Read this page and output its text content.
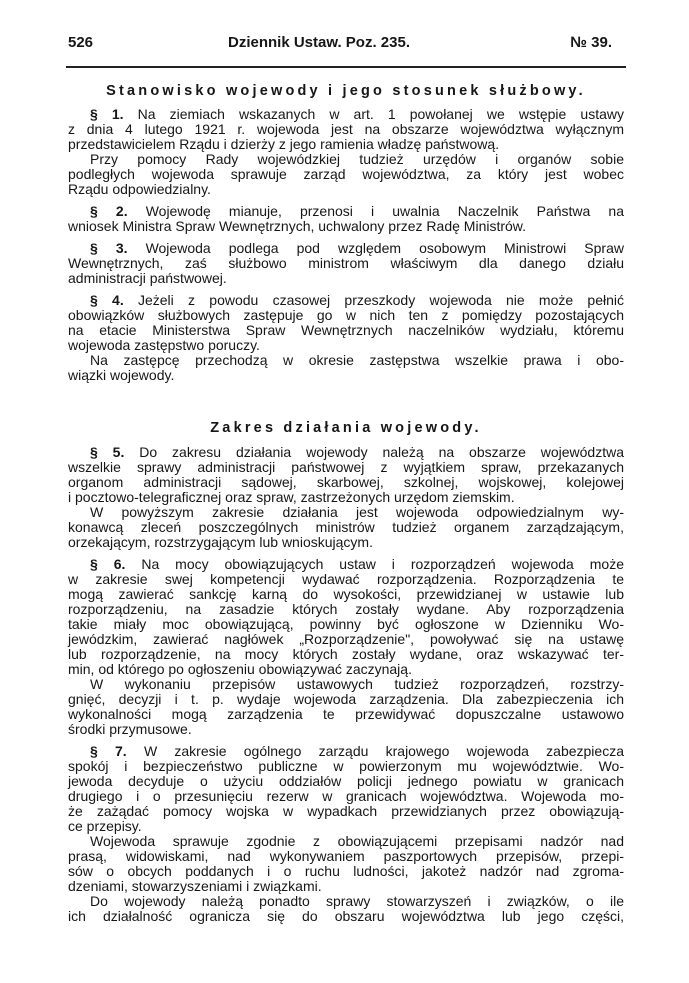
526	Dziennik Ustaw. Poz. 235.	№ 39.
Stanowisko wojewody i jego stosunek służbowy.
§ 1. Na ziemiach wskazanych w art. 1 powołanej we wstępie ustawy
z dnia 4 lutego 1921 r. wojewoda jest na obszarze województwa wyłącznym
przedstawicielem Rządu i dzierży z jego ramienia władzę państwową.
Przy pomocy Rady wojewódzkiej tudzież urzędów i organów sobie
podległych wojewoda sprawuje zarząd województwa, za który jest wobec
Rządu odpowiedzialny.
§ 2. Wojewodę mianuje, przenosi i uwalnia Naczelnik Państwa na
wniosek Ministra Spraw Wewnętrznych, uchwalony przez Radę Ministrów.
§ 3. Wojewoda podlega pod względem osobowym Ministrowi Spraw
Wewnętrznych, zaś służbowo ministrom właściwym dla danego działu
administracji państwowej.
§ 4. Jeżeli z powodu czasowej przeszkody wojewoda nie może pełnić
obowiązków służbowych zastępuje go w nich ten z pomiędzy pozostających
na etacie Ministerstwa Spraw Wewnętrznych naczelników wydziału, któremu
wojewoda zastępstwo poruczy.
Na zastępcę przechodzą w okresie zastępstwa wszelkie prawa i obo-
wiązki wojewody.
Zakres działania wojewody.
§ 5. Do zakresu działania wojewody należą na obszarze województwa
wszelkie sprawy administracji państwowej z wyjątkiem spraw, przekazanych
organom administracji sądowej, skarbowej, szkolnej, wojskowej, kolejowej
i pocztowo-telegraficznej oraz spraw, zastrzeżonych urzędom ziemskim.
W powyższym zakresie działania jest wojewoda odpowiedzialnym wy-
konawcą zleceń poszczególnych ministrów tudzież organem zarządzającym,
orzekającym, rozstrzygającym lub wnioskującym.
§ 6. Na mocy obowiązujących ustaw i rozporządzeń wojewoda może
w zakresie swej kompetencji wydawać rozporządzenia. Rozporządzenia te
mogą zawierać sankcję karną do wysokości, przewidzianej w ustawie lub
rozporządzeniu, na zasadzie których zostały wydane. Aby rozporządzenia
takie miały moc obowiązującą, powinny być ogłoszone w Dzienniku Wo-
jewódzkim, zawierać nagłówek „Rozporządzenie", powoływać się na ustawę
lub rozporządzenie, na mocy których zostały wydane, oraz wskazywać ter-
min, od którego po ogłoszeniu obowiązywać zaczynają.
W wykonaniu przepisów ustawowych tudzież rozporządzeń, rozstrzy-
gnięć, decyzji i t. p. wydaje wojewoda zarządzenia. Dla zabezpieczenia ich
wykonalności mogą zarządzenia te przewidywać dopuszczalne ustawowo
środki przymusowe.
§ 7. W zakresie ogólnego zarządu krajowego wojewoda zabezpiecza
spokój i bezpieczeństwo publiczne w powierzonym mu województwie. Wo-
jewoda decyduje o użyciu oddziałów policji jednego powiatu w granicach
drugiego i o przesunięciu rezerw w granicach województwa. Wojewoda mo-
że zażądać pomocy wojska w wypadkach przewidzianych przez obowiązują-
ce przepisy.
Wojewoda sprawuje zgodnie z obowiązującemi przepisami nadzór nad
prasą, widowiskami, nad wykonywaniem paszportowych przepisów, przepi-
sów o obcych poddanych i o ruchu ludności, jakoteż nadzór nad zgroma-
dzeniami, stowarzyszeniami i związkami.
Do wojewody należą ponadto sprawy stowarzyszeń i związków, o ile
ich działalność ogranicza się do obszaru województwa lub jego części,
